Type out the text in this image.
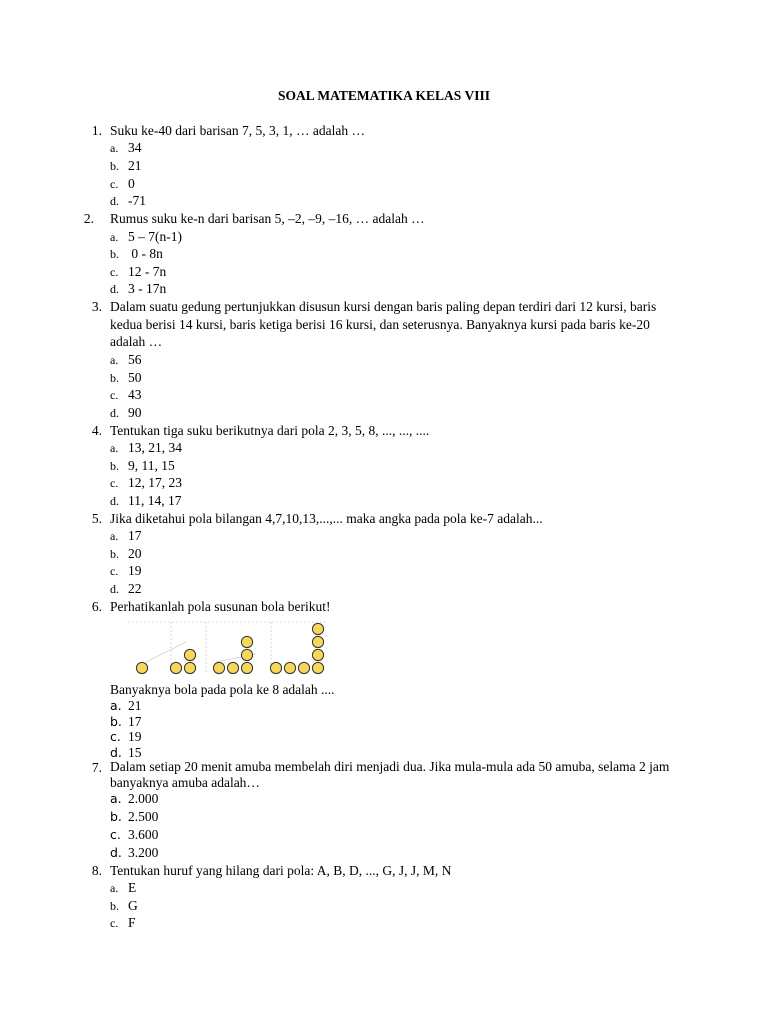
SOAL MATEMATIKA KELAS VIII
1. Suku ke-40 dari barisan 7, 5, 3, 1, … adalah …
a. 34
b. 21
c. 0
d. -71
2. Rumus suku ke-n dari barisan 5, –2, –9, –16, … adalah …
a. 5 – 7(n-1)
b. 0 - 8n
c. 12 - 7n
d. 3 - 17n
3. Dalam suatu gedung pertunjukkan disusun kursi dengan baris paling depan terdiri dari 12 kursi, baris kedua berisi 14 kursi, baris ketiga berisi 16 kursi, dan seterusnya. Banyaknya kursi pada baris ke-20 adalah …
a. 56
b. 50
c. 43
d. 90
4. Tentukan tiga suku berikutnya dari pola 2, 3, 5, 8, ..., ..., ....
a. 13, 21, 34
b. 9, 11, 15
c. 12, 17, 23
d. 11, 14, 17
5. Jika diketahui pola bilangan 4,7,10,13,...,... maka angka pada pola ke-7 adalah...
a. 17
b. 20
c. 19
d. 22
6. Perhatikanlah pola susunan bola berikut!
Banyaknya bola pada pola ke 8 adalah ....
a. 21
b. 17
c. 19
d. 15
7. Dalam setiap 20 menit amuba membelah diri menjadi dua. Jika mula-mula ada 50 amuba, selama 2 jam banyaknya amuba adalah…
a. 2.000
b. 2.500
c. 3.600
d. 3.200
8. Tentukan huruf yang hilang dari pola: A, B, D, ..., G, J, J, M, N
a. E
b. G
c. F
